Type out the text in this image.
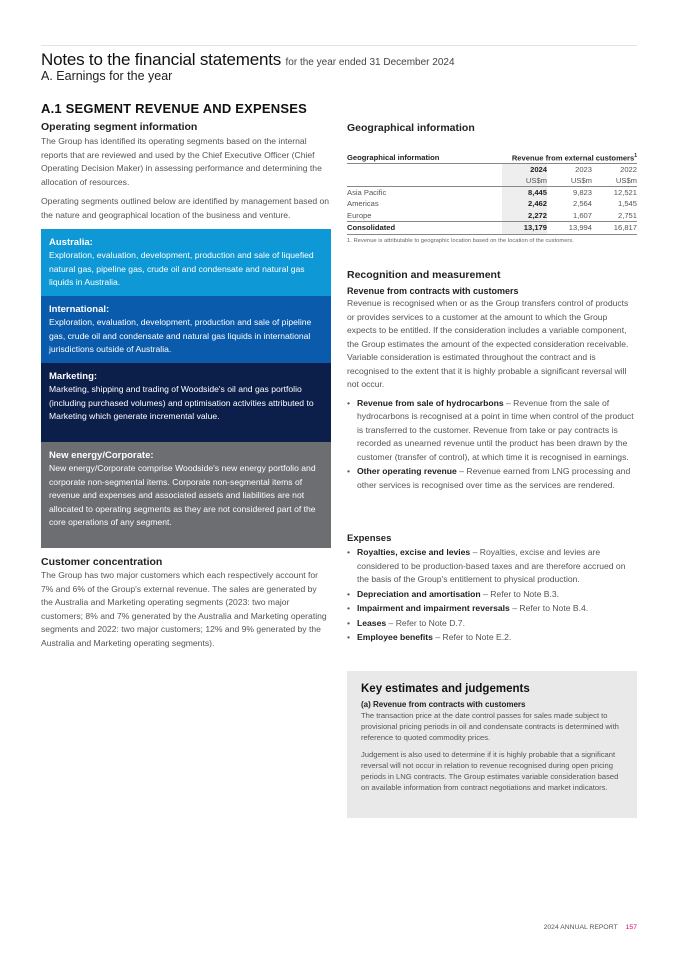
Notes to the financial statements for the year ended 31 December 2024
A. Earnings for the year
A.1 SEGMENT REVENUE AND EXPENSES
Operating segment information

The Group has identified its operating segments based on the internal reports that are reviewed and used by the Chief Executive Officer (Chief Operating Decision Maker) in assessing performance and determining the allocation of resources.

Operating segments outlined below are identified by management based on the nature and geographical location of the business and venture.

Australia:
Exploration, evaluation, development, production and sale of liquefied natural gas, pipeline gas, crude oil and condensate and natural gas liquids in Australia.
International:
Exploration, evaluation, development, production and sale of pipeline gas, crude oil and condensate and natural gas liquids in international jurisdictions outside of Australia.
Marketing:
Marketing, shipping and trading of Woodside's oil and gas portfolio (including purchased volumes) and optimisation activities attributed to Marketing which generate incremental value.
New energy/Corporate:
New energy/Corporate comprise Woodside's new energy portfolio and corporate non-segmental items. Corporate non-segmental items of revenue and expenses and associated assets and liabilities are not allocated to operating segments as they are not considered part of the core operations of any segment.
Customer concentration

The Group has two major customers which each respectively account for 7% and 6% of the Group's external revenue. The sales are generated by the Australia and Marketing operating segments (2023: two major customers; 8% and 7% generated by the Australia and Marketing operating segments and 2022: two major customers; 12% and 9% generated by the Australia and Marketing operating segments).

Geographical information
Geographical information	Revenue from external customers$^1$
	2024	2023	2022
	US$m	US$m	US$m
Asia Pacific	8,445	9,823	12,521
Americas	2,462	2,564	1,545
Europe	2,272	1,607	2,751
Consolidated	13,179	13,994	16,817
1. Revenue is attributable to geographic location based on the location of the customers.
Recognition and measurement
Revenue from contracts with customers

Revenue is recognised when or as the Group transfers control of products or provides services to a customer at the amount to which the Group expects to be entitled. If the consideration includes a variable component, the Group estimates the amount of the expected consideration receivable. Variable consideration is estimated throughout the contract and is recognised to the extent that it is highly probable a significant reversal will not occur.

• Revenue from sale of hydrocarbons – Revenue from the sale of hydrocarbons is recognised at a point in time when control of the product is transferred to the customer. Revenue from take or pay contracts is recorded as unearned revenue until the product has been drawn by the customer (transfer of control), at which time it is recognised in earnings.
• Other operating revenue – Revenue earned from LNG processing and other services is recognised over time as the services are rendered.
Expenses
• Royalties, excise and levies – Royalties, excise and levies are considered to be production-based taxes and are therefore accrued on the basis of the Group's entitlement to physical production.
• Depreciation and amortisation – Refer to Note B.3.
• Impairment and impairment reversals – Refer to Note B.4.
• Leases – Refer to Note D.7.
• Employee benefits – Refer to Note E.2.
Key estimates and judgements
(a) Revenue from contracts with customers

The transaction price at the date control passes for sales made subject to provisional pricing periods in oil and condensate contracts is determined with reference to quoted commodity prices.

Judgement is also used to determine if it is highly probable that a significant reversal will not occur in relation to revenue recognised during open pricing periods in LNG contracts. The Group estimates variable consideration based on available information from contract negotiations and market indicators.

2024 ANNUAL REPORT 157
